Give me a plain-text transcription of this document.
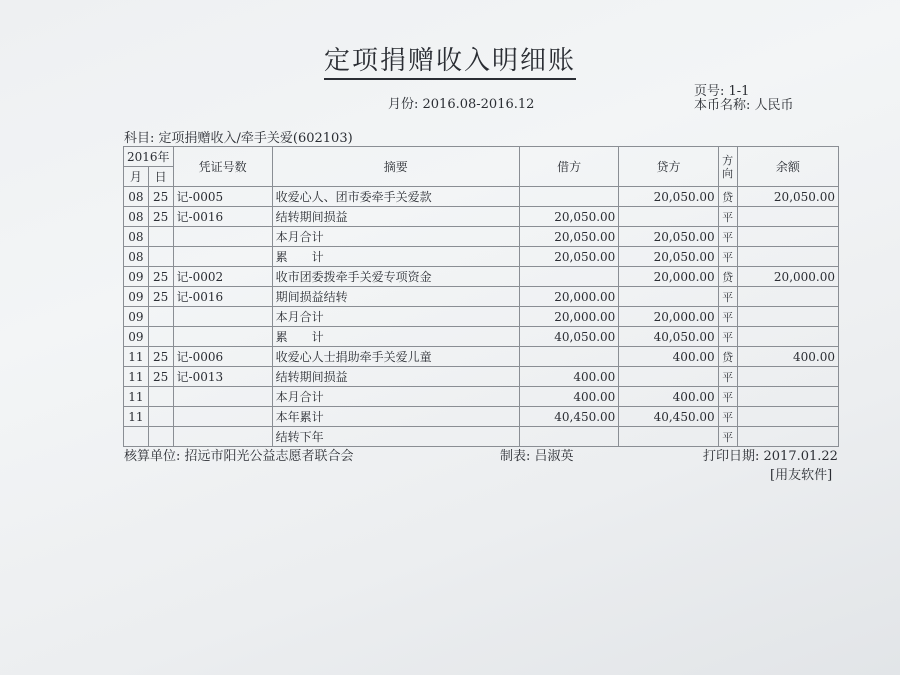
定项捐赠收入明细账
页号: 1-1
月份: 2016.08-2016.12	本币名称: 人民币
科目: 定项捐赠收入/牵手关爱(602103)
2016年		凭证号数	摘要	借方	贷方	方向	余额
月	日						
08	25	记-0005	收爱心人、团市委牵手关爱款		20,050.00	贷	20,050.00
08	25	记-0016	结转期间损益	20,050.00		平	
08			本月合计	20,050.00	20,050.00	平	
08			累　　计	20,050.00	20,050.00	平	
09	25	记-0002	收市团委拨牵手关爱专项资金		20,000.00	贷	20,000.00
09	25	记-0016	期间损益结转	20,000.00		平	
09			本月合计	20,000.00	20,000.00	平	
09			累　　计	40,050.00	40,050.00	平	
11	25	记-0006	收爱心人士捐助牵手关爱儿童		400.00	贷	400.00
11	25	记-0013	结转期间损益	400.00		平	
11			本月合计	400.00	400.00	平	
11			本年累计	40,450.00	40,450.00	平	
			结转下年			平	
核算单位: 招远市阳光公益志愿者联合会	制表: 吕淑英	打印日期: 2017.01.22
[用友软件]
